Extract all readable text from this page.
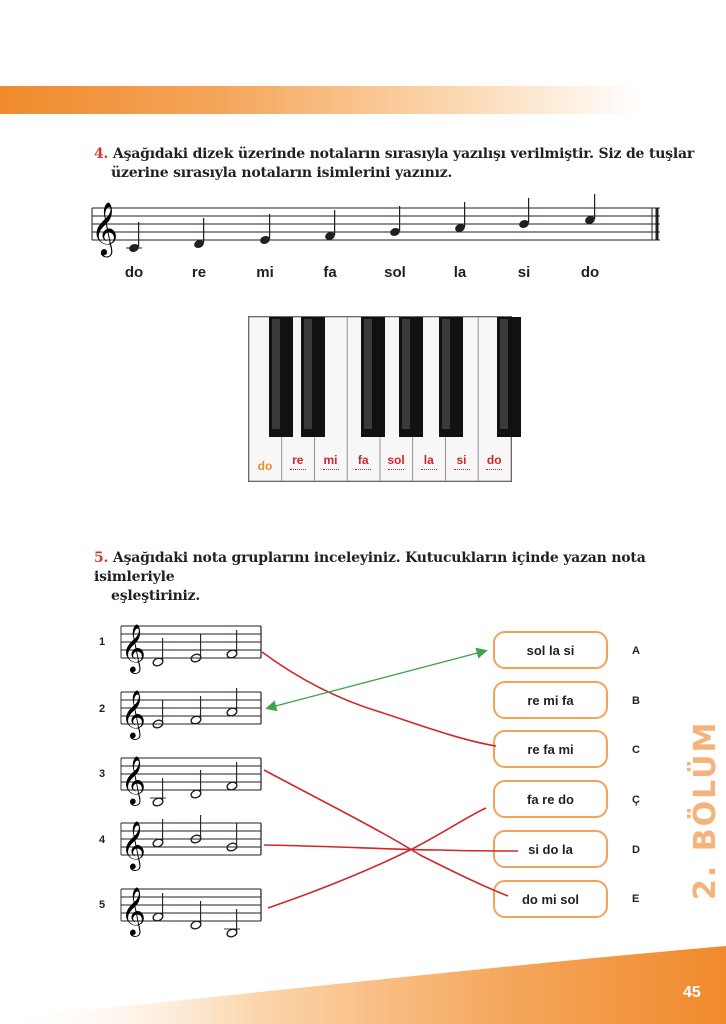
4. Aşağıdaki dizek üzerinde notaların sırasıyla yazılışı verilmiştir. Siz de tuşlar
üzerine sırasıyla notaların isimlerini yazınız.
𝄞
do	re	mi	fa	sol	la	si	do
do	re	mi	fa	sol	la	si	do
5. Aşağıdaki nota gruplarını inceleyiniz. Kutucukların içinde yazan nota isimleriyle
eşleştiriniz.
𝄞
𝄞
𝄞
𝄞
𝄞
1
2
3
4
5
sol la si
re mi fa
re fa mi
fa re do
si do la
do mi sol
A
B
C
Ç
D
E 2. BÖLÜM
45
